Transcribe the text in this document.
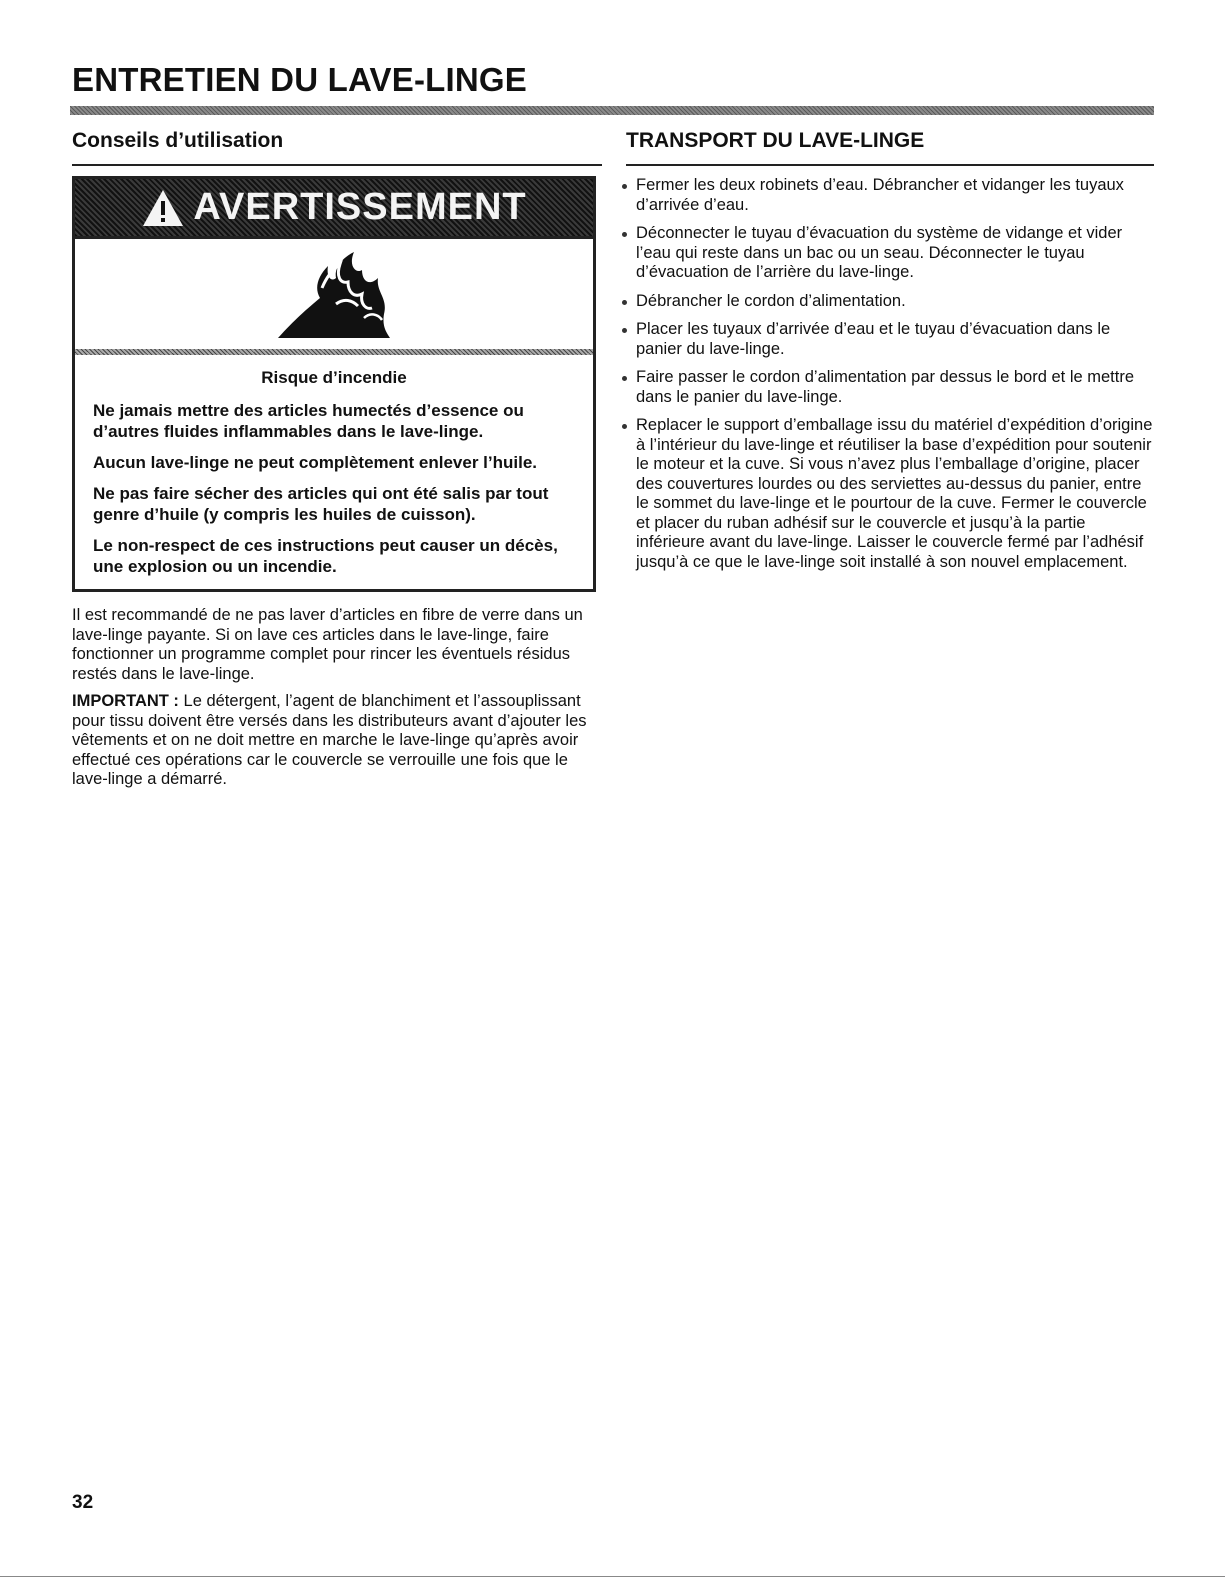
ENTRETIEN DU LAVE-LINGE
Conseils d’utilisation
AVERTISSEMENT

Risque d’incendie

Ne jamais mettre des articles humectés d’essence ou d’autres fluides inflammables dans le lave-linge.

Aucun lave-linge ne peut complètement enlever l’huile.

Ne pas faire sécher des articles qui ont été salis par tout genre d’huile (y compris les huiles de cuisson).

Le non-respect de ces instructions peut causer un décès, une explosion ou un incendie.

Il est recommandé de ne pas laver d’articles en fibre de verre dans un lave-linge payante. Si on lave ces articles dans le lave-linge, faire fonctionner un programme complet pour rincer les éventuels résidus restés dans le lave-linge.

IMPORTANT : Le détergent, l’agent de blanchiment et l’assouplissant pour tissu doivent être versés dans les distributeurs avant d’ajouter les vêtements et on ne doit mettre en marche le lave-linge qu’après avoir effectué ces opérations car le couvercle se verrouille une fois que le lave-linge a démarré.

TRANSPORT DU LAVE-LINGE
Fermer les deux robinets d’eau. Débrancher et vidanger les tuyaux d’arrivée d’eau.
Déconnecter le tuyau d’évacuation du système de vidange et vider l’eau qui reste dans un bac ou un seau. Déconnecter le tuyau d’évacuation de l’arrière du lave-linge.
Débrancher le cordon d’alimentation.
Placer les tuyaux d’arrivée d’eau et le tuyau d’évacuation dans le panier du lave-linge.
Faire passer le cordon d’alimentation par dessus le bord et le mettre dans le panier du lave-linge.
Replacer le support d’emballage issu du matériel d’expédition d’origine à l’intérieur du lave-linge et réutiliser la base d’expédition pour soutenir le moteur et la cuve. Si vous n’avez plus l’emballage d’origine, placer des couvertures lourdes ou des serviettes au-dessus du panier, entre le sommet du lave-linge et le pourtour de la cuve. Fermer le couvercle et placer du ruban adhésif sur le couvercle et jusqu’à la partie inférieure avant du lave-linge. Laisser le couvercle fermé par l’adhésif jusqu’à ce que le lave-linge soit installé à son nouvel emplacement.
32
